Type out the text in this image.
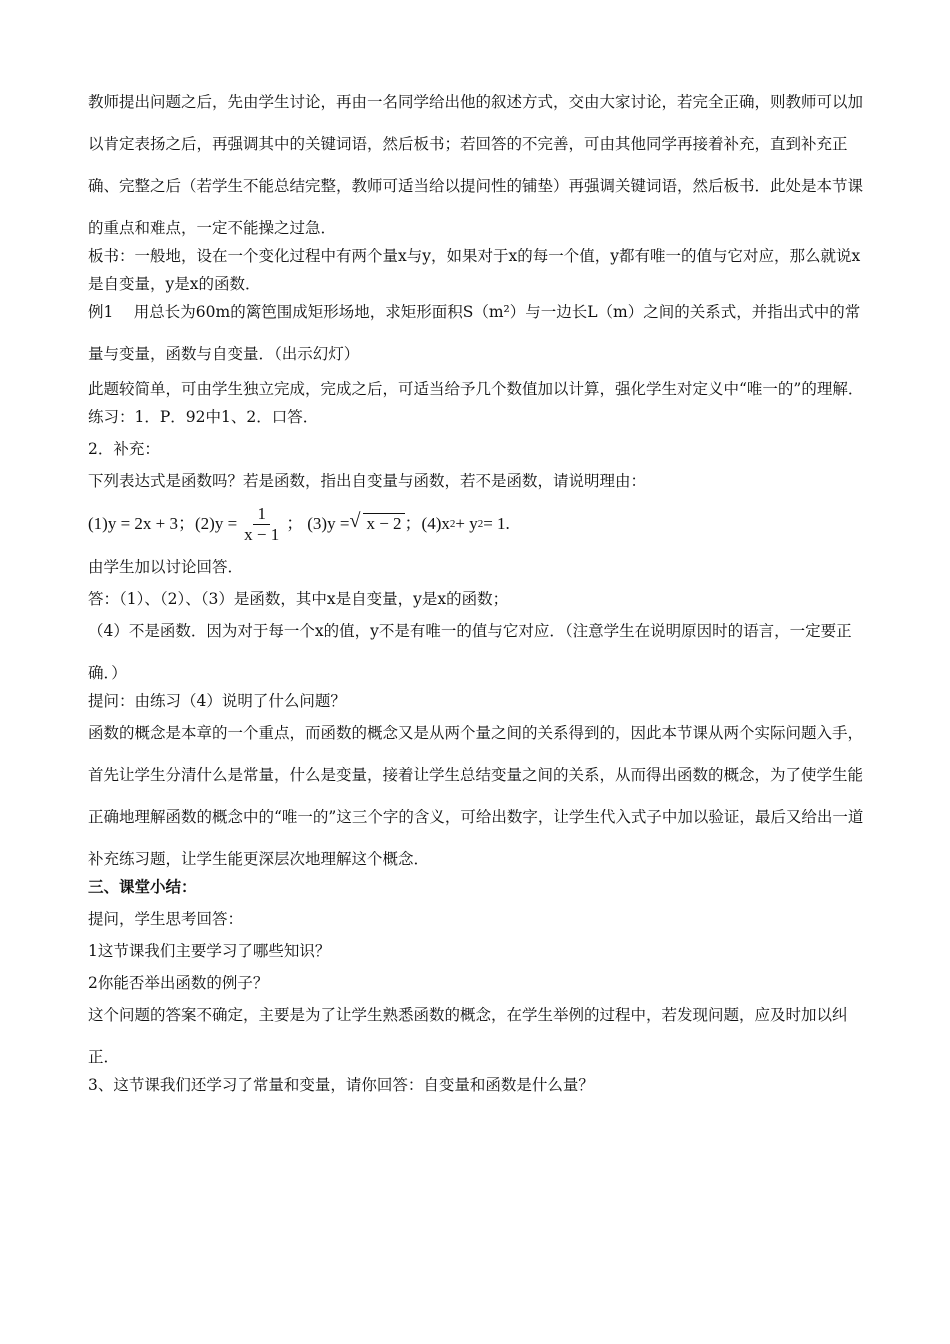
教师提出问题之后，先由学生讨论，再由一名同学给出他的叙述方式，交由大家讨论，若完全正确，则教师可以加以肯定表扬之后，再强调其中的关键词语，然后板书；若回答的不完善，可由其他同学再接着补充，直到补充正确、完整之后（若学生不能总结完整，教师可适当给以提问性的铺垫）再强调关键词语，然后板书．此处是本节课的重点和难点，一定不能操之过急．

板书：一般地，设在一个变化过程中有两个量x与y，如果对于x的每一个值，y都有唯一的值与它对应，那么就说x是自变量，y是x的函数．

例1　 用总长为60m的篱笆围成矩形场地，求矩形面积S（m²）与一边长L（m）之间的关系式，并指出式中的常量与变量，函数与自变量．（出示幻灯）

此题较简单，可由学生独立完成，完成之后，可适当给予几个数值加以计算，强化学生对定义中“唯一的”的理解．

练习：1．P．92中1、2．口答．

2．补充：

下列表达式是函数吗？若是函数，指出自变量与函数，若不是函数，请说明理由：

(1)y = 2x + 3； $(2)y = \frac{1}{x - 1}$ ； (3)y =
√	x − 2 ； (4)x 2 + y 2 = 1.

由学生加以讨论回答．

答：（1）、（2）、（3）是函数，其中x是自变量，y是x的函数；

（4）不是函数．因为对于每一个x的值，y不是有唯一的值与它对应．（注意学生在说明原因时的语言，一定要正确．）

提问：由练习（4）说明了什么问题？

函数的概念是本章的一个重点，而函数的概念又是从两个量之间的关系得到的，因此本节课从两个实际问题入手，首先让学生分清什么是常量，什么是变量，接着让学生总结变量之间的关系，从而得出函数的概念，为了使学生能正确地理解函数的概念中的“唯一的”这三个字的含义，可给出数字，让学生代入式子中加以验证，最后又给出一道补充练习题，让学生能更深层次地理解这个概念．

三、课堂小结：

提问，学生思考回答：

1这节课我们主要学习了哪些知识？

2你能否举出函数的例子？

这个问题的答案不确定，主要是为了让学生熟悉函数的概念，在学生举例的过程中，若发现问题，应及时加以纠正．

3、这节课我们还学习了常量和变量，请你回答：自变量和函数是什么量？
